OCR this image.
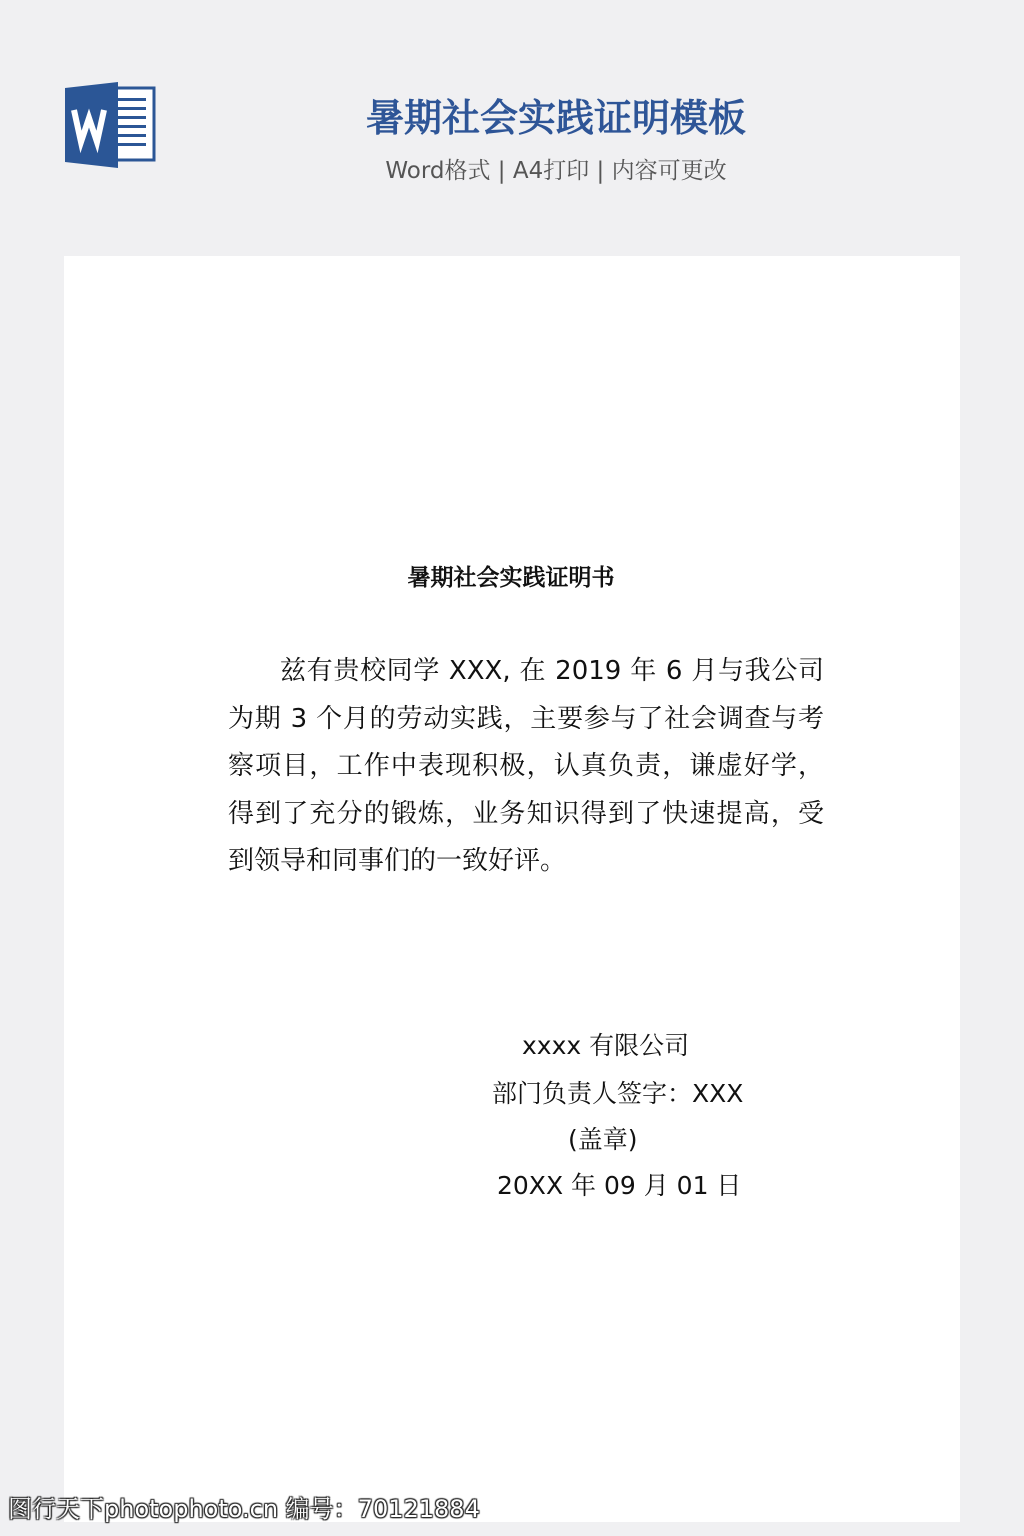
暑期社会实践证明模板
Word格式 | A4打印 | 内容可更改
暑期社会实践证明书

兹有贵校同学 XXX, 在 2019 年 6 月与我公司为期 3 个月的劳动实践，主要参与了社会调查与考察项目，工作中表现积极，认真负责，谦虚好学，得到了充分的锻炼，业务知识得到了快速提高，受到领导和同事们的一致好评。

xxxx 有限公司
部门负责人签字：XXX
(盖章)
20XX 年 09 月 01 日
图行天下photophoto.cn 编号：70121884
